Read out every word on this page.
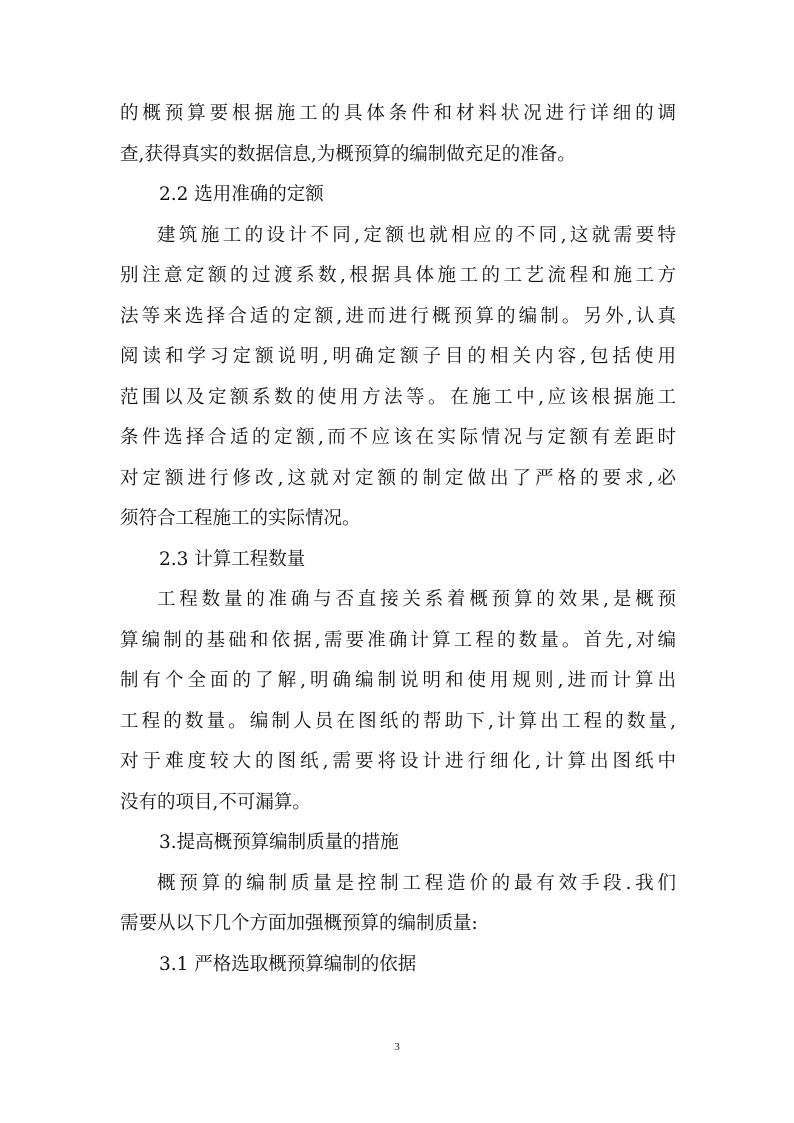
的概预算要根据施工的具体条件和材料状况进行详细的调
查,获得真实的数据信息,为概预算的编制做充足的准备。
2.2 选用准确的定额
建筑施工的设计不同,定额也就相应的不同,这就需要特
别注意定额的过渡系数,根据具体施工的工艺流程和施工方
法等来选择合适的定额,进而进行概预算的编制。另外,认真
阅读和学习定额说明,明确定额子目的相关内容,包括使用
范围以及定额系数的使用方法等。在施工中,应该根据施工
条件选择合适的定额,而不应该在实际情况与定额有差距时
对定额进行修改,这就对定额的制定做出了严格的要求,必
须符合工程施工的实际情况。
2.3 计算工程数量
工程数量的准确与否直接关系着概预算的效果,是概预
算编制的基础和依据,需要准确计算工程的数量。首先,对编
制有个全面的了解,明确编制说明和使用规则,进而计算出
工程的数量。编制人员在图纸的帮助下,计算出工程的数量,
对于难度较大的图纸,需要将设计进行细化,计算出图纸中
没有的项目,不可漏算。
3.提高概预算编制质量的措施
概预算的编制质量是控制工程造价的最有效手段.我们
需要从以下几个方面加强概预算的编制质量:
3.1 严格选取概预算编制的依据
3
